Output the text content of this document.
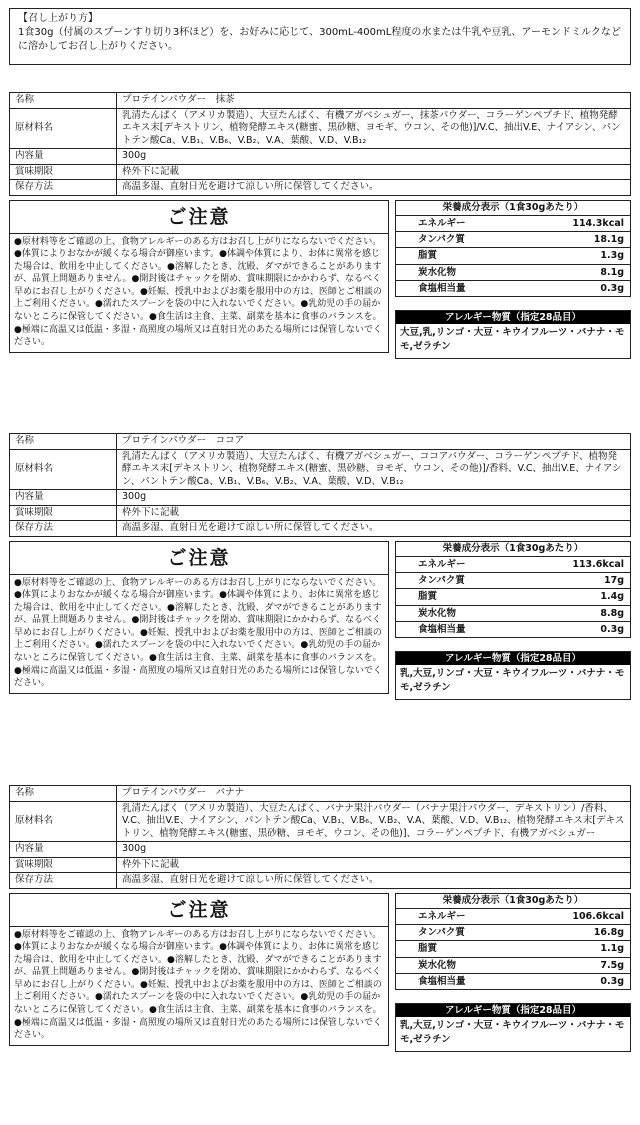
【召し上がり方】
1食30g（付属のスプーンすり切り3杯ほど）を、お好みに応じて、300mL-400mL程度の水または牛乳や豆乳、アーモンドミルクなどに溶かしてお召し上がりください。
名称	プロテインパウダー　抹茶
原材料名	乳清たんぱく（アメリカ製造）、大豆たんぱく、有機アガベシュガー、抹茶パウダー、コラーゲンペプチド、植物発酵エキス末[デキストリン、植物発酵エキス(糖蜜、黒砂糖、ヨモギ、ウコン、その他)]/V.C、抽出V.E、ナイアシン、パントテン酸Ca、V.B₁、V.B₆、V.B₂、V.A、葉酸、V.D、V.B₁₂
内容量	300g
賞味期限	枠外下に記載
保存方法	高温多湿、直射日光を避けて涼しい所に保管してください。
ご注意
●原材料等をご確認の上、食物アレルギーのある方はお召し上がりにならないでください。●体質によりおなかが緩くなる場合が御座います。●体調や体質により、お体に異常を感じた場合は、飲用を中止してください。●溶解したとき、沈殿、ダマができることがありますが、品質上問題ありません。●開封後はチャックを閉め、賞味期限にかかわらず、なるべく早めにお召し上がりください。●妊娠、授乳中およびお薬を服用中の方は、医師とご相談の上ご利用ください。●濡れたスプーンを袋の中に入れないでください。●乳幼児の手の届かないところに保管してください。●食生活は主食、主菜、副菜を基本に食事のバランスを。●極端に高温又は低温・多湿・高照度の場所又は直射日光のあたる場所には保管しないでください。
栄養成分表示（1食30gあたり）
エネルギー	114.3kcal
タンパク質	18.1g
脂質	1.3g
炭水化物	8.1g
食塩相当量	0.3g
アレルギー物質（指定28品目）
大豆,乳,リンゴ・大豆・キウイフルーツ・バナナ・モモ,ゼラチン
名称	プロテインパウダー　ココア
原材料名	乳清たんぱく（アメリカ製造）、大豆たんぱく、有機アガベシュガー、ココアパウダー、コラーゲンペプチド、植物発酵エキス末[デキストリン、植物発酵エキス(糖蜜、黒砂糖、ヨモギ、ウコン、その他)]/香料、V.C、抽出V.E、ナイアシン、パントテン酸Ca、V.B₁、V.B₆、V.B₂、V.A、葉酸、V.D、V.B₁₂
内容量	300g
賞味期限	枠外下に記載
保存方法	高温多湿、直射日光を避けて涼しい所に保管してください。
ご注意
●原材料等をご確認の上、食物アレルギーのある方はお召し上がりにならないでください。●体質によりおなかが緩くなる場合が御座います。●体調や体質により、お体に異常を感じた場合は、飲用を中止してください。●溶解したとき、沈殿、ダマができることがありますが、品質上問題ありません。●開封後はチャックを閉め、賞味期限にかかわらず、なるべく早めにお召し上がりください。●妊娠、授乳中およびお薬を服用中の方は、医師とご相談の上ご利用ください。●濡れたスプーンを袋の中に入れないでください。●乳幼児の手の届かないところに保管してください。●食生活は主食、主菜、副菜を基本に食事のバランスを。●極端に高温又は低温・多湿・高照度の場所又は直射日光のあたる場所には保管しないでください。
栄養成分表示（1食30gあたり）
エネルギー	113.6kcal
タンパク質	17g
脂質	1.4g
炭水化物	8.8g
食塩相当量	0.3g
アレルギー物質（指定28品目）
乳,大豆,リンゴ・大豆・キウイフルーツ・バナナ・モモ,ゼラチン
名称	プロテインパウダー　バナナ
原材料名	乳清たんぱく（アメリカ製造）、大豆たんぱく、バナナ果汁パウダー（バナナ果汁パウダー、デキストリン）/香料、V.C、抽出V.E、ナイアシン、パントテン酸Ca、V.B₁、V.B₆、V.B₂、V.A、葉酸、V.D、V.B₁₂、植物発酵エキス末[デキストリン、植物発酵エキス(糖蜜、黒砂糖、ヨモギ、ウコン、その他)]、コラーゲンペプチド、有機アガベシュガー
内容量	300g
賞味期限	枠外下に記載
保存方法	高温多湿、直射日光を避けて涼しい所に保管してください。
ご注意
●原材料等をご確認の上、食物アレルギーのある方はお召し上がりにならないでください。●体質によりおなかが緩くなる場合が御座います。●体調や体質により、お体に異常を感じた場合は、飲用を中止してください。●溶解したとき、沈殿、ダマができることがありますが、品質上問題ありません。●開封後はチャックを閉め、賞味期限にかかわらず、なるべく早めにお召し上がりください。●妊娠、授乳中およびお薬を服用中の方は、医師とご相談の上ご利用ください。●濡れたスプーンを袋の中に入れないでください。●乳幼児の手の届かないところに保管してください。●食生活は主食、主菜、副菜を基本に食事のバランスを。●極端に高温又は低温・多湿・高照度の場所又は直射日光のあたる場所には保管しないでください。
栄養成分表示（1食30gあたり）
エネルギー	106.6kcal
タンパク質	16.8g
脂質	1.1g
炭水化物	7.5g
食塩相当量	0.3g
アレルギー物質（指定28品目）
乳,大豆,リンゴ・大豆・キウイフルーツ・バナナ・モモ,ゼラチン
